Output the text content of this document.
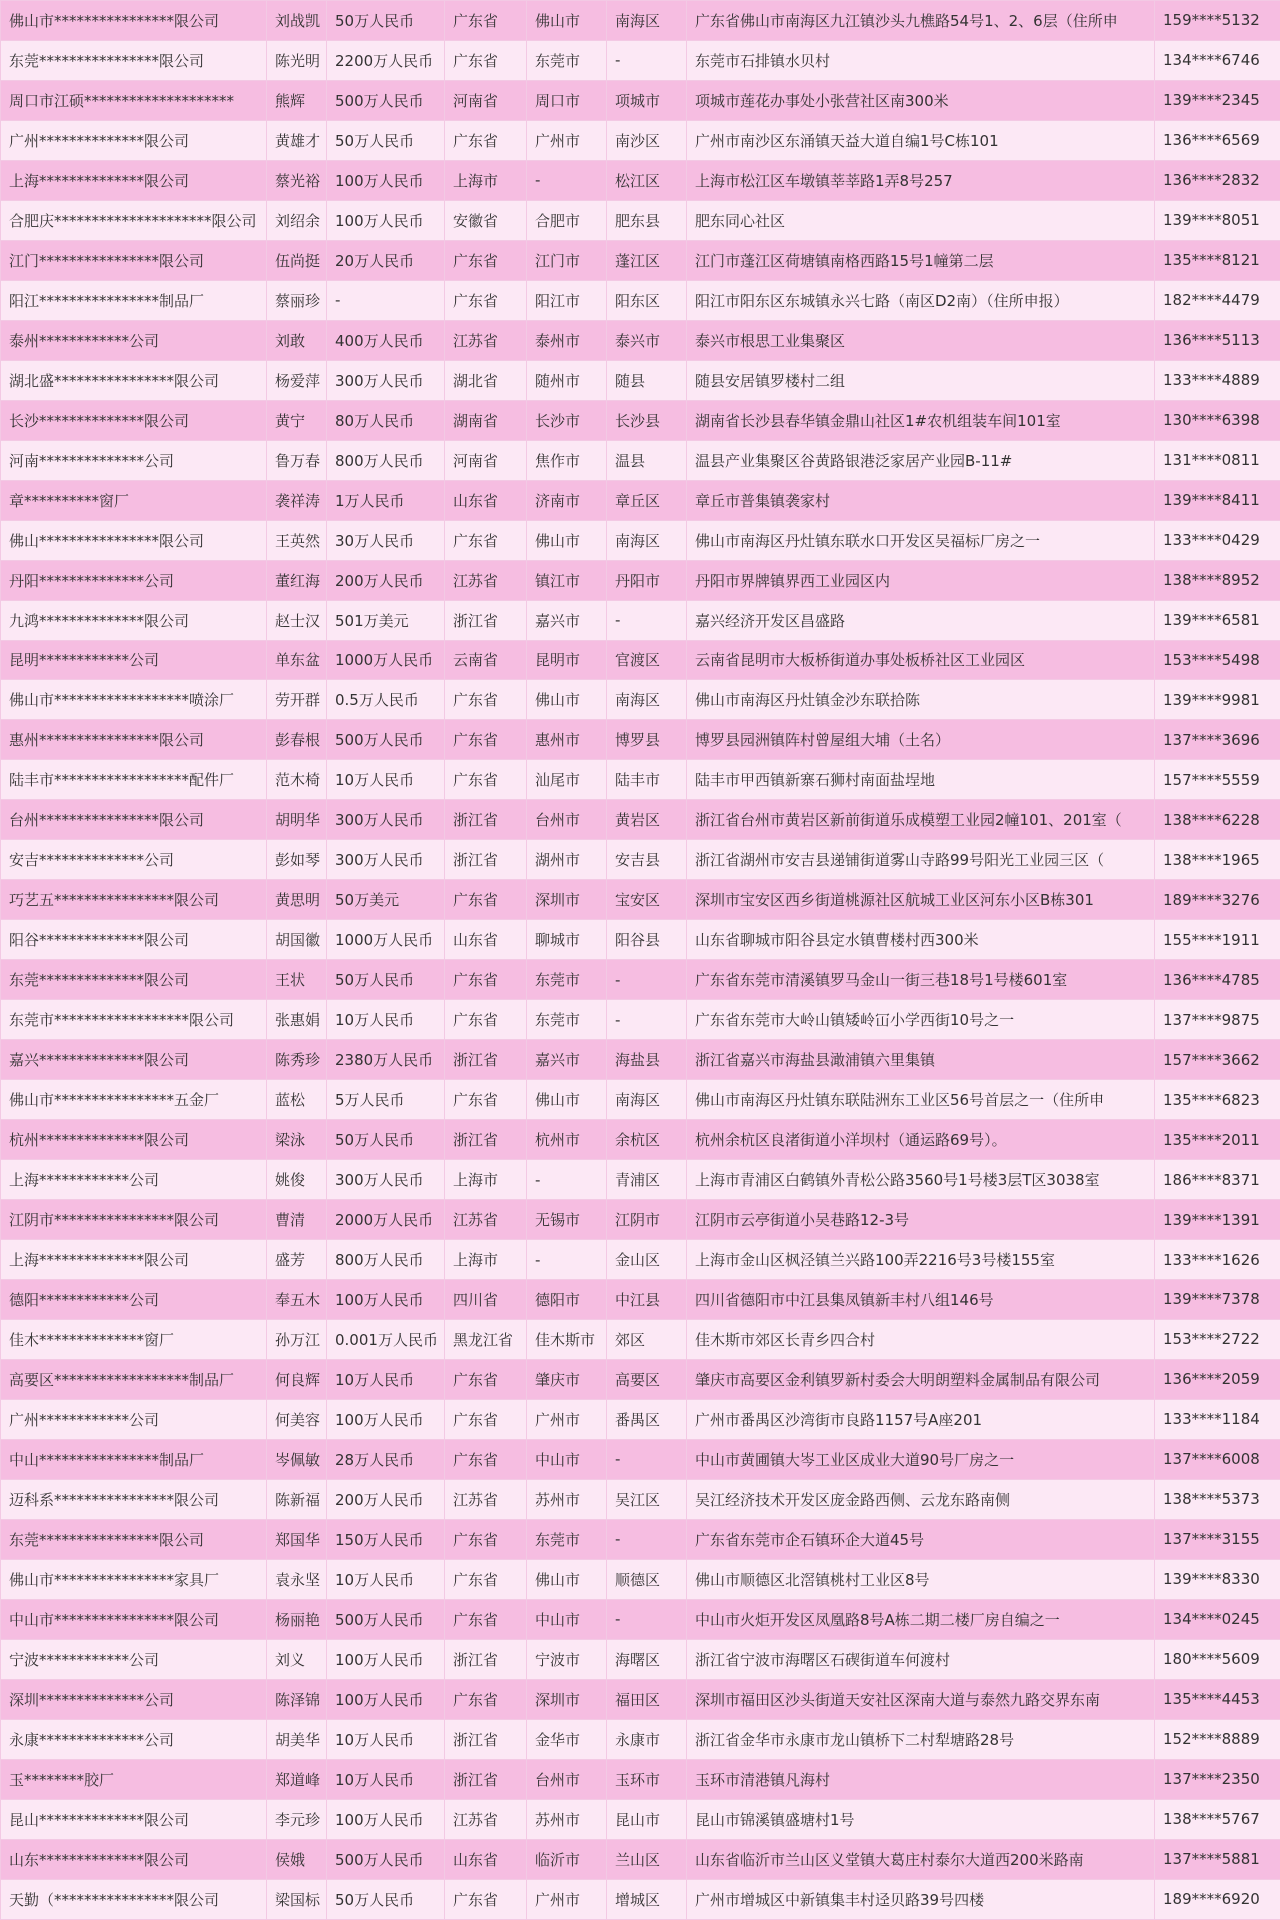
佛山市****************限公司	刘战凯	50万人民币	广东省	佛山市	南海区	广东省佛山市南海区九江镇沙头九樵路54号1、2、6层（住所申	159****5132
东莞****************限公司	陈光明	2200万人民币	广东省	东莞市	-	东莞市石排镇水贝村	134****6746
周口市江硕********************	熊辉	500万人民币	河南省	周口市	项城市	项城市莲花办事处小张营社区南300米	139****2345
广州**************限公司	黄雄才	50万人民币	广东省	广州市	南沙区	广州市南沙区东涌镇天益大道自编1号C栋101	136****6569
上海**************限公司	蔡光裕	100万人民币	上海市	-	松江区	上海市松江区车墩镇莘莘路1弄8号257	136****2832
合肥庆*********************限公司	刘绍余	100万人民币	安徽省	合肥市	肥东县	肥东同心社区	139****8051
江门****************限公司	伍尚挺	20万人民币	广东省	江门市	蓬江区	江门市蓬江区荷塘镇南格西路15号1幢第二层	135****8121
阳江****************制品厂	蔡丽珍	-	广东省	阳江市	阳东区	阳江市阳东区东城镇永兴七路（南区D2南）（住所申报）	182****4479
泰州************公司	刘敢	400万人民币	江苏省	泰州市	泰兴市	泰兴市根思工业集聚区	136****5113
湖北盛****************限公司	杨爱萍	300万人民币	湖北省	随州市	随县	随县安居镇罗楼村二组	133****4889
长沙**************限公司	黄宁	80万人民币	湖南省	长沙市	长沙县	湖南省长沙县春华镇金鼎山社区1#农机组装车间101室	130****6398
河南**************公司	鲁万春	800万人民币	河南省	焦作市	温县	温县产业集聚区谷黄路银港泛家居产业园B-11#	131****0811
章**********窗厂	袭祥涛	1万人民币	山东省	济南市	章丘区	章丘市普集镇袭家村	139****8411
佛山****************限公司	王英然	30万人民币	广东省	佛山市	南海区	佛山市南海区丹灶镇东联水口开发区吴福标厂房之一	133****0429
丹阳**************公司	董红海	200万人民币	江苏省	镇江市	丹阳市	丹阳市界牌镇界西工业园区内	138****8952
九鸿**************限公司	赵士汉	501万美元	浙江省	嘉兴市	-	嘉兴经济开发区昌盛路	139****6581
昆明************公司	单东盆	1000万人民币	云南省	昆明市	官渡区	云南省昆明市大板桥街道办事处板桥社区工业园区	153****5498
佛山市******************喷涂厂	劳开群	0.5万人民币	广东省	佛山市	南海区	佛山市南海区丹灶镇金沙东联拾陈	139****9981
惠州****************限公司	彭春根	500万人民币	广东省	惠州市	博罗县	博罗县园洲镇阵村曾屋组大埔（土名）	137****3696
陆丰市******************配件厂	范木椅	10万人民币	广东省	汕尾市	陆丰市	陆丰市甲西镇新寨石狮村南面盐埕地	157****5559
台州****************限公司	胡明华	300万人民币	浙江省	台州市	黄岩区	浙江省台州市黄岩区新前街道乐成模塑工业园2幢101、201室（	138****6228
安吉**************公司	彭如琴	300万人民币	浙江省	湖州市	安吉县	浙江省湖州市安吉县递铺街道雾山寺路99号阳光工业园三区（	138****1965
巧艺五****************限公司	黄思明	50万美元	广东省	深圳市	宝安区	深圳市宝安区西乡街道桃源社区航城工业区河东小区B栋301	189****3276
阳谷**************限公司	胡国徽	1000万人民币	山东省	聊城市	阳谷县	山东省聊城市阳谷县定水镇曹楼村西300米	155****1911
东莞**************限公司	王状	50万人民币	广东省	东莞市	-	广东省东莞市清溪镇罗马金山一街三巷18号1号楼601室	136****4785
东莞市******************限公司	张惠娟	10万人民币	广东省	东莞市	-	广东省东莞市大岭山镇矮岭冚小学西街10号之一	137****9875
嘉兴**************限公司	陈秀珍	2380万人民币	浙江省	嘉兴市	海盐县	浙江省嘉兴市海盐县澉浦镇六里集镇	157****3662
佛山市****************五金厂	蓝松	5万人民币	广东省	佛山市	南海区	佛山市南海区丹灶镇东联陆洲东工业区56号首层之一（住所申	135****6823
杭州**************限公司	梁泳	50万人民币	浙江省	杭州市	余杭区	杭州余杭区良渚街道小洋坝村（通运路69号）。	135****2011
上海************公司	姚俊	300万人民币	上海市	-	青浦区	上海市青浦区白鹤镇外青松公路3560号1号楼3层T区3038室	186****8371
江阴市****************限公司	曹清	2000万人民币	江苏省	无锡市	江阴市	江阴市云亭街道小吴巷路12-3号	139****1391
上海**************限公司	盛芳	800万人民币	上海市	-	金山区	上海市金山区枫泾镇兰兴路100弄2216号3号楼155室	133****1626
德阳************公司	奉五木	100万人民币	四川省	德阳市	中江县	四川省德阳市中江县集凤镇新丰村八组146号	139****7378
佳木**************窗厂	孙万江	0.001万人民币	黑龙江省	佳木斯市	郊区	佳木斯市郊区长青乡四合村	153****2722
高要区******************制品厂	何良辉	10万人民币	广东省	肇庆市	高要区	肇庆市高要区金利镇罗新村委会大明朗塑料金属制品有限公司	136****2059
广州************公司	何美容	100万人民币	广东省	广州市	番禺区	广州市番禺区沙湾街市良路1157号A座201	133****1184
中山****************制品厂	岑佩敏	28万人民币	广东省	中山市	-	中山市黄圃镇大岑工业区成业大道90号厂房之一	137****6008
迈科系****************限公司	陈新福	200万人民币	江苏省	苏州市	吴江区	吴江经济技术开发区庞金路西侧、云龙东路南侧	138****5373
东莞****************限公司	郑国华	150万人民币	广东省	东莞市	-	广东省东莞市企石镇环企大道45号	137****3155
佛山市****************家具厂	袁永坚	10万人民币	广东省	佛山市	顺德区	佛山市顺德区北滘镇桃村工业区8号	139****8330
中山市****************限公司	杨丽艳	500万人民币	广东省	中山市	-	中山市火炬开发区凤凰路8号A栋二期二楼厂房自编之一	134****0245
宁波************公司	刘义	100万人民币	浙江省	宁波市	海曙区	浙江省宁波市海曙区石碶街道车何渡村	180****5609
深圳**************公司	陈泽锦	100万人民币	广东省	深圳市	福田区	深圳市福田区沙头街道天安社区深南大道与泰然九路交界东南	135****4453
永康**************公司	胡美华	10万人民币	浙江省	金华市	永康市	浙江省金华市永康市龙山镇桥下二村犁塘路28号	152****8889
玉********胶厂	郑道峰	10万人民币	浙江省	台州市	玉环市	玉环市清港镇凡海村	137****2350
昆山**************限公司	李元珍	100万人民币	江苏省	苏州市	昆山市	昆山市锦溪镇盛塘村1号	138****5767
山东**************限公司	侯娥	500万人民币	山东省	临沂市	兰山区	山东省临沂市兰山区义堂镇大葛庄村泰尔大道西200米路南	137****5881
天勤（****************限公司	梁国标	50万人民币	广东省	广州市	增城区	广州市增城区中新镇集丰村迳贝路39号四楼	189****6920
